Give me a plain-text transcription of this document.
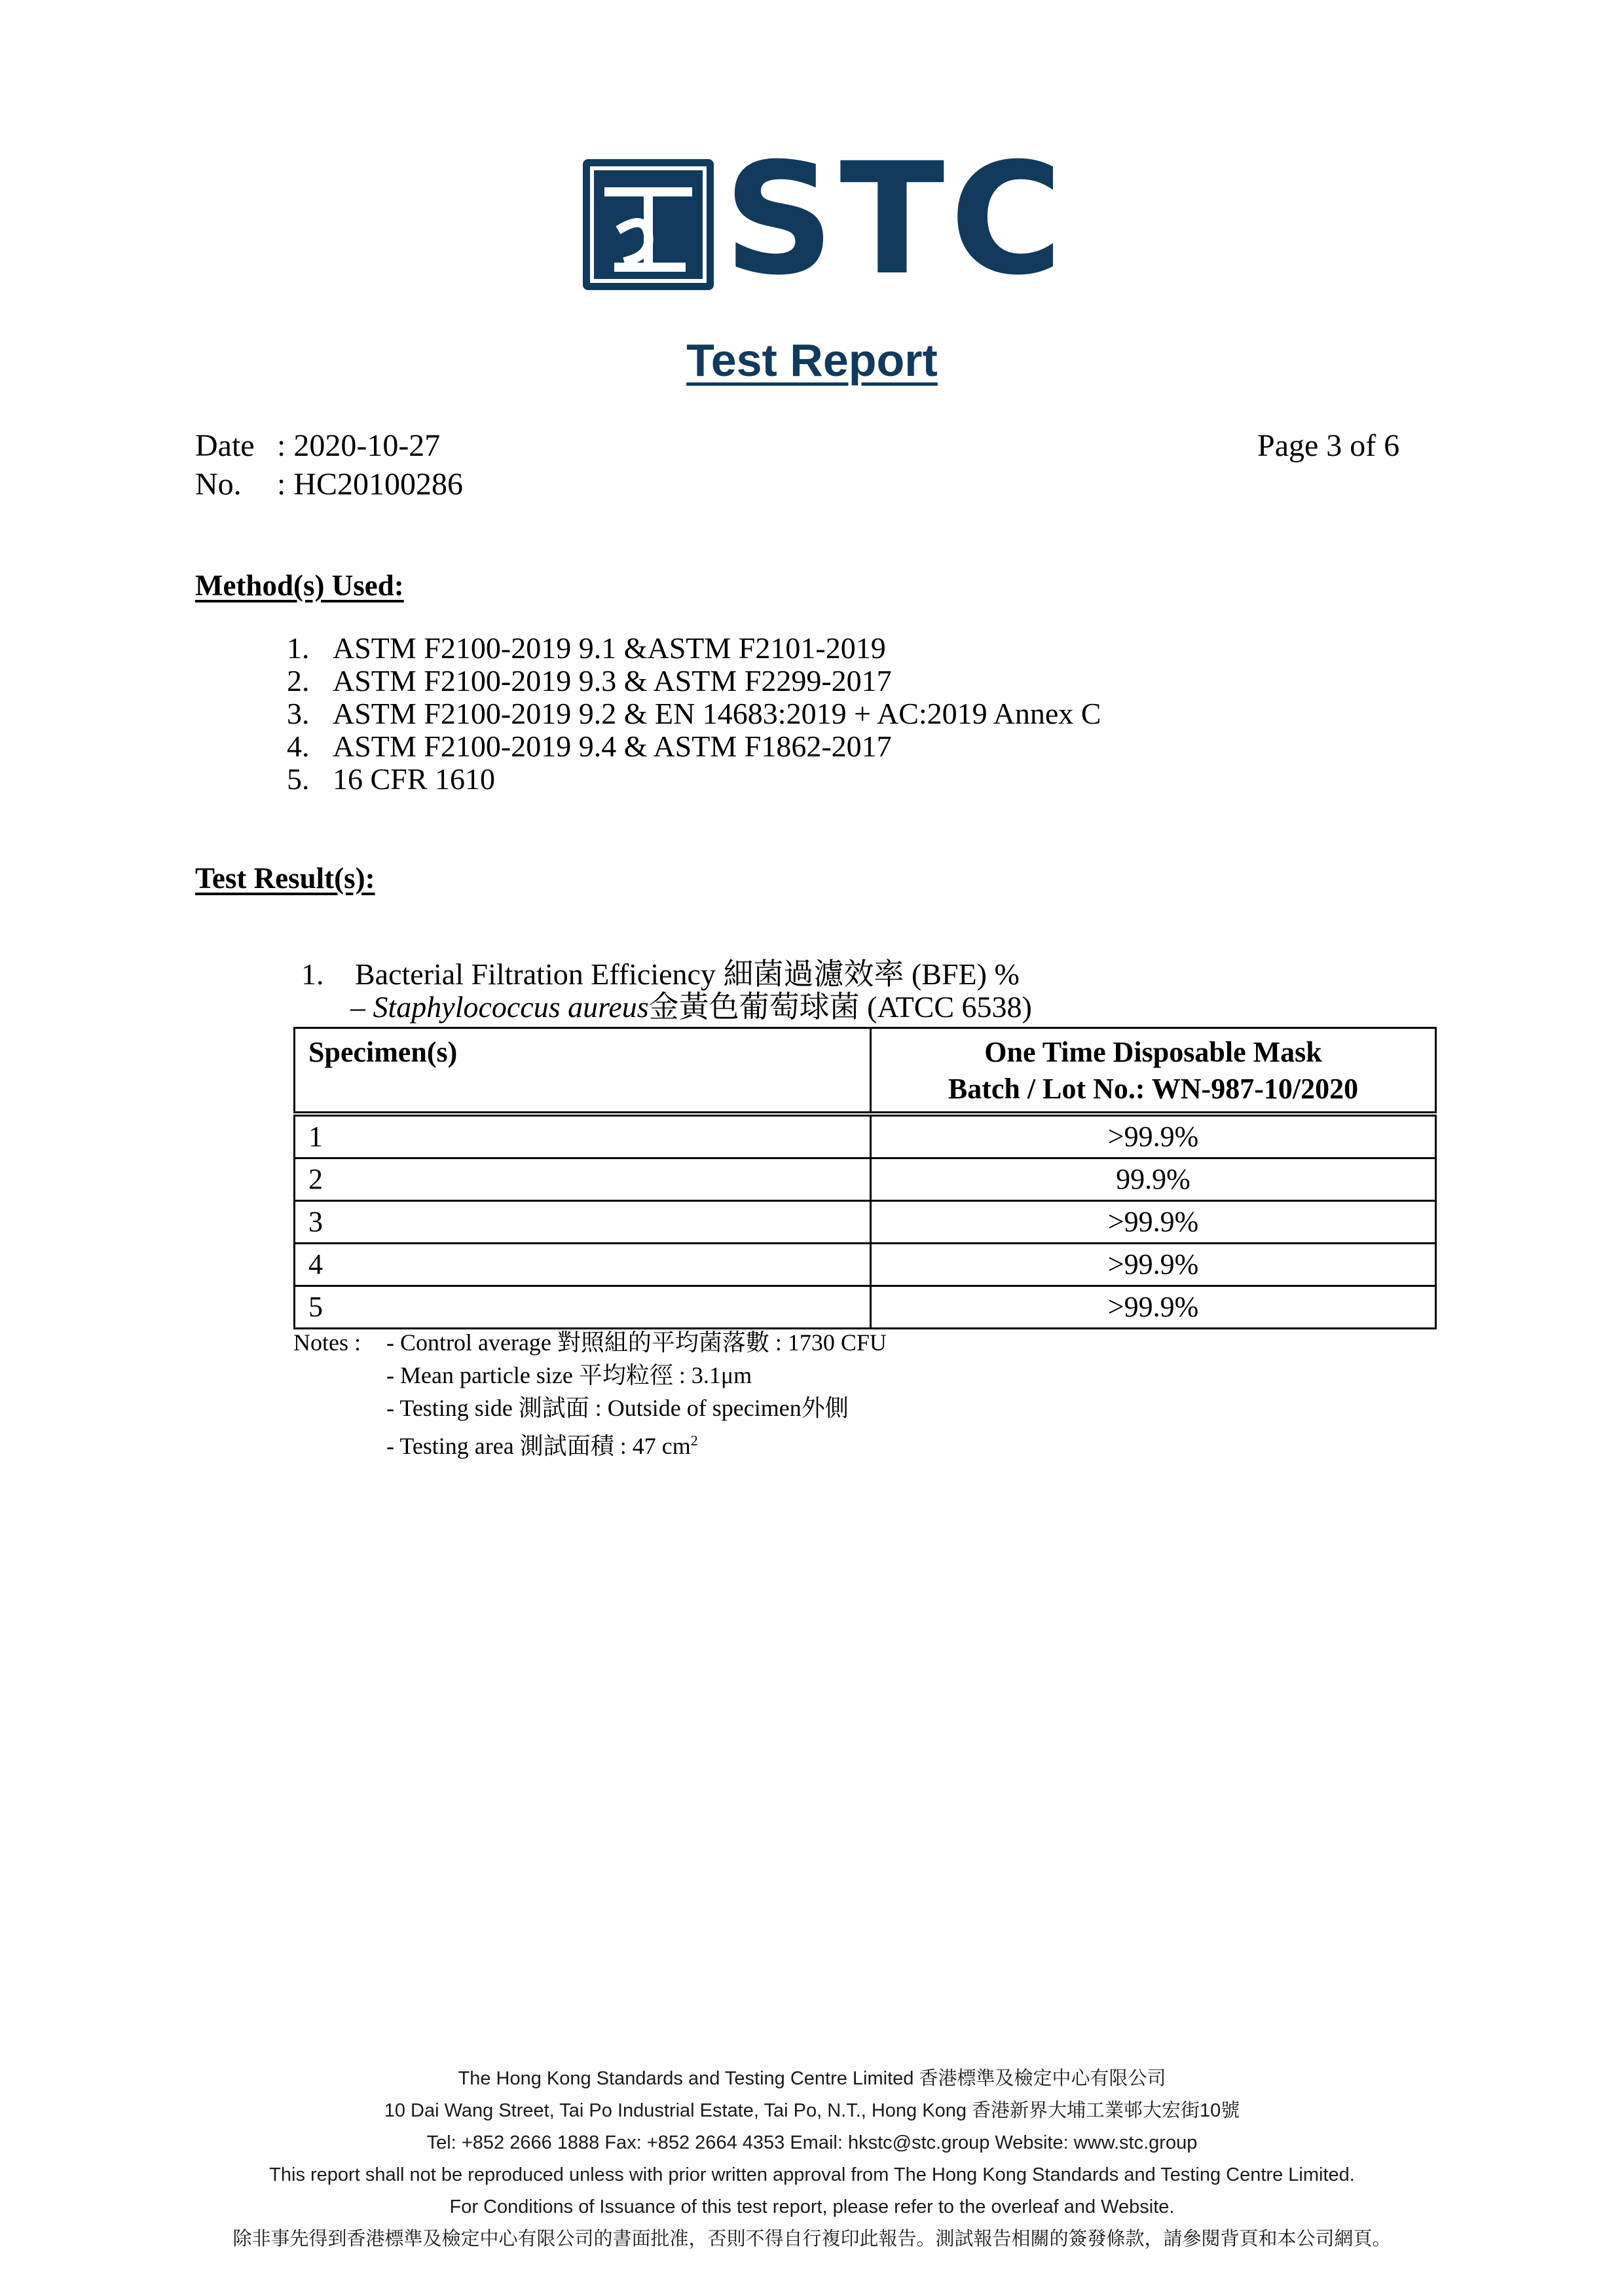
STC
Test Report
Date : 2020-10-27
No. : HC20100286
Page 3 of 6
Method(s) Used:
1. ASTM F2100-2019 9.1 &ASTM F2101-2019
2. ASTM F2100-2019 9.3 & ASTM F2299-2017
3. ASTM F2100-2019 9.2 & EN 14683:2019 + AC:2019 Annex C
4. ASTM F2100-2019 9.4 & ASTM F1862-2017
5. 16 CFR 1610
Test Result(s):
1. Bacterial Filtration Efficiency 細菌過濾效率 (BFE) %
– Staphylococcus aureus金黃色葡萄球菌 (ATCC 6538)
Specimen(s)	One Time Disposable Mask
Batch / Lot No.: WN-987-10/2020

1	>99.9%
2	99.9%
3	>99.9%
4	>99.9%
5	>99.9%
Notes : - Control average 對照組的平均菌落數 : 1730 CFU
- Mean particle size 平均粒徑 : 3.1μm
- Testing side 測試面 : Outside of specimen外側
- Testing area 測試面積 : 47 $cm^2$
The Hong Kong Standards and Testing Centre Limited 香港標準及檢定中心有限公司
10 Dai Wang Street, Tai Po Industrial Estate, Tai Po, N.T., Hong Kong 香港新界大埔工業邨大宏街10號
Tel: +852 2666 1888 Fax: +852 2664 4353 Email: hkstc@stc.group Website: www.stc.group
This report shall not be reproduced unless with prior written approval from The Hong Kong Standards and Testing Centre Limited.
For Conditions of Issuance of this test report, please refer to the overleaf and Website.
除非事先得到香港標準及檢定中心有限公司的書面批准，否則不得自行複印此報告。測試報告相關的簽發條款，請參閱背頁和本公司網頁。
